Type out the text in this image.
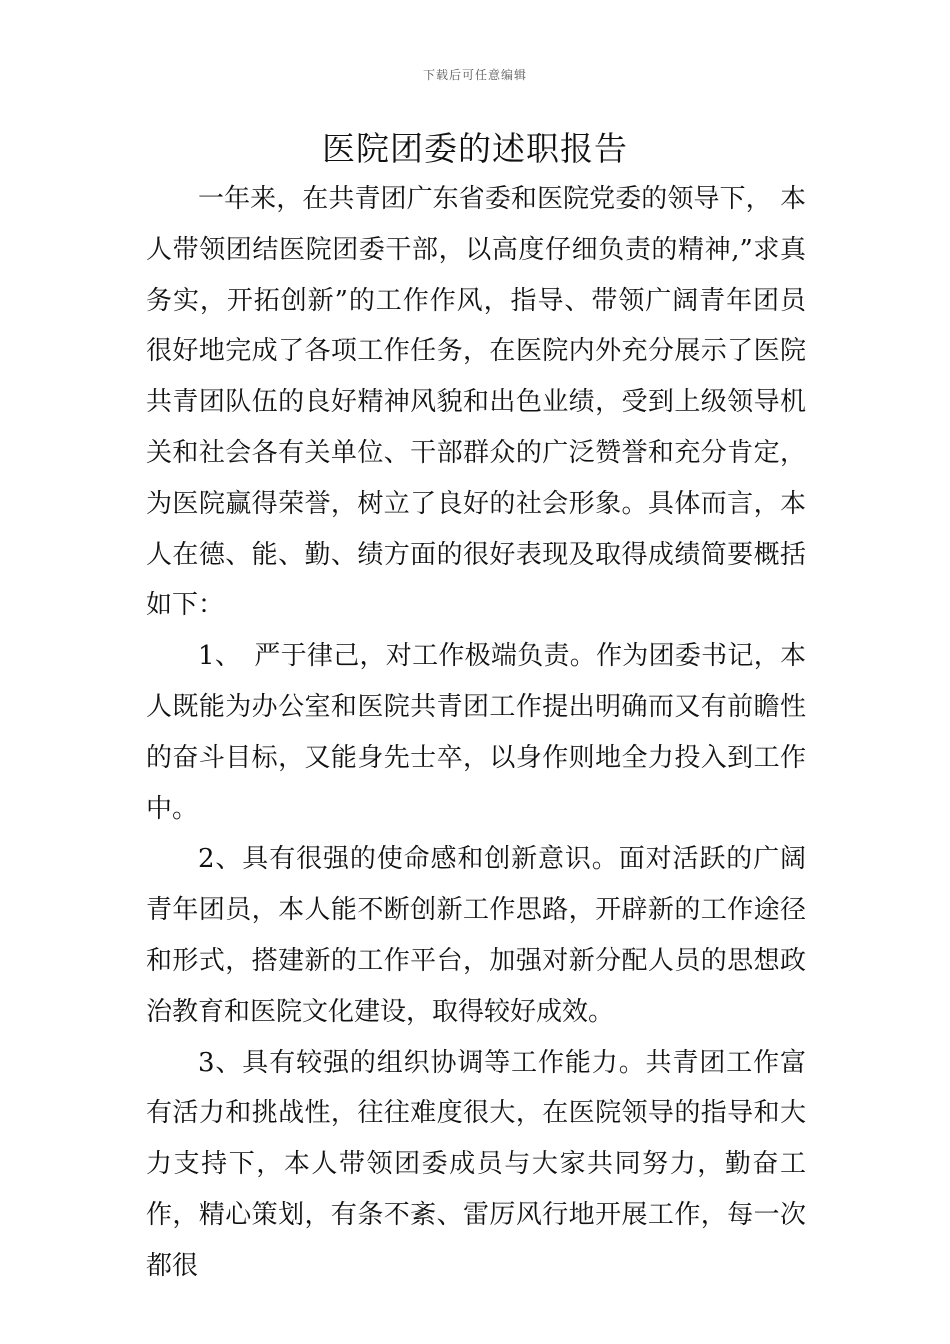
下载后可任意编辑
医院团委的述职报告

一年来，在共青团广东省委和医院党委的领导下， 本人带领团结医院团委干部，以高度仔细负责的精神,”求真务实，开拓创新”的工作作风，指导、带领广阔青年团员很好地完成了各项工作任务，在医院内外充分展示了医院共青团队伍的良好精神风貌和出色业绩，受到上级领导机关和社会各有关单位、干部群众的广泛赞誉和充分肯定，为医院赢得荣誉，树立了良好的社会形象。具体而言，本人在德、能、勤、绩方面的很好表现及取得成绩简要概括如下：

1、　严于律己，对工作极端负责。作为团委书记，本人既能为办公室和医院共青团工作提出明确而又有前瞻性的奋斗目标，又能身先士卒，以身作则地全力投入到工作中。

2、具有很强的使命感和创新意识。面对活跃的广阔青年团员，本人能不断创新工作思路，开辟新的工作途径和形式，搭建新的工作平台，加强对新分配人员的思想政治教育和医院文化建设，取得较好成效。

3、具有较强的组织协调等工作能力。共青团工作富有活力和挑战性，往往难度很大，在医院领导的指导和大力支持下，本人带领团委成员与大家共同努力，勤奋工作，精心策划，有条不紊、雷厉风行地开展工作，每一次都很
